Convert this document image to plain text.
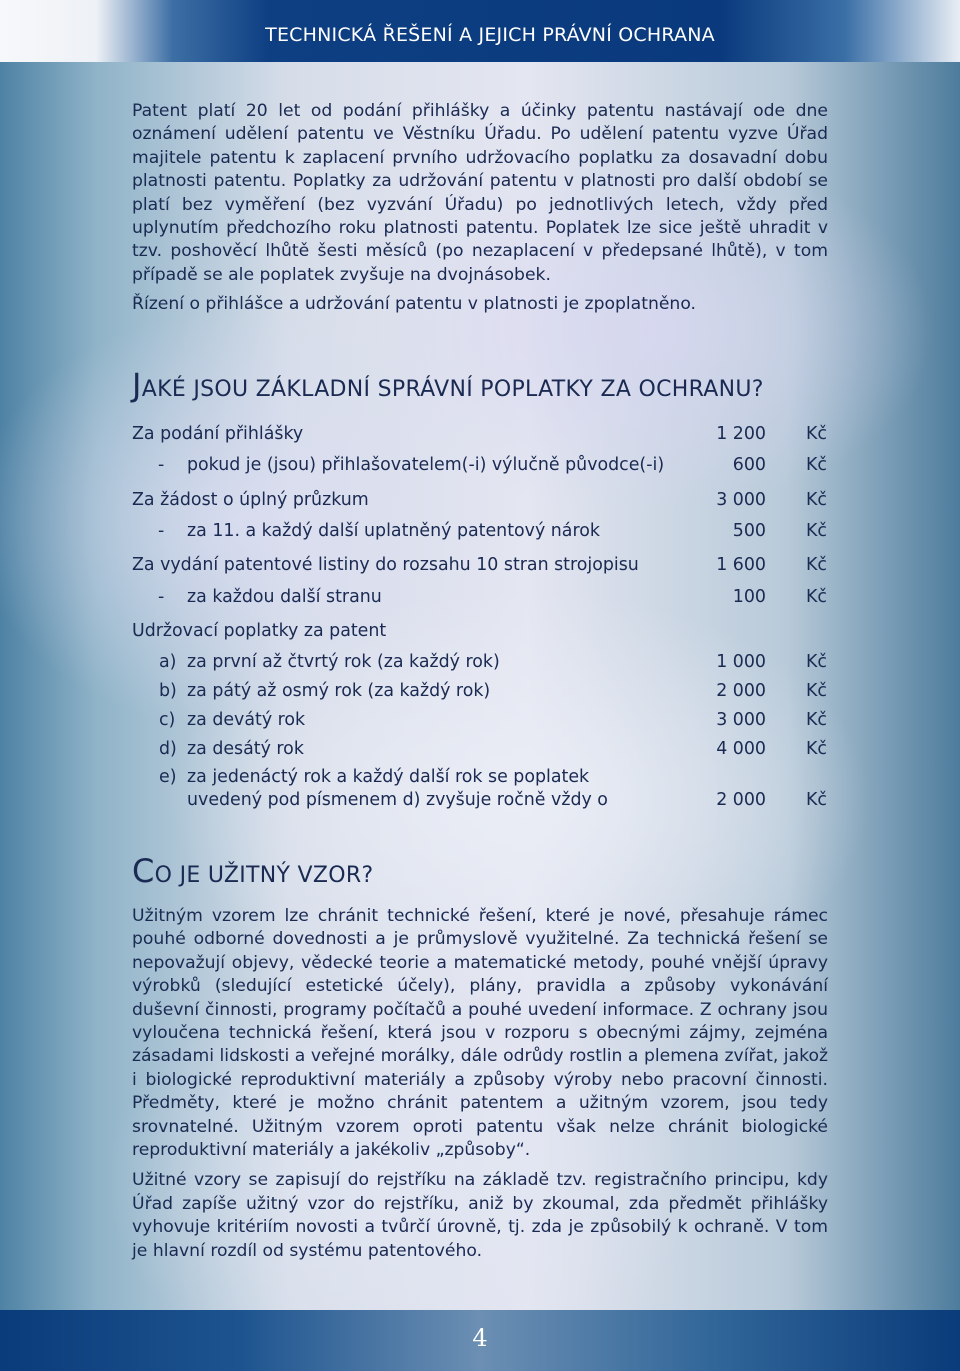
TECHNICKÁ ŘEŠENÍ A JEJICH PRÁVNÍ OCHRANA

Patent platí 20 let od podání přihlášky a účinky patentu nastávají ode dne oznámení udělení patentu ve Věstníku Úřadu. Po udělení patentu vyzve Úřad majitele patentu k zaplacení prvního udržovacího poplatku za dosavadní dobu platnosti patentu. Poplatky za udržování patentu v platnosti pro další období se platí bez vyměření (bez vyzvání Úřadu) po jednotlivých letech, vždy před uplynutím předchozího roku platnosti patentu. Poplatek lze sice ještě uhradit v tzv. poshověcí lhůtě šesti měsíců (po nezaplacení v předepsané lhůtě), v tom případě se ale poplatek zvyšuje na dvojnásobek.

Řízení o přihlášce a udržování patentu v platnosti je zpoplatněno.

JAKÉ JSOU ZÁKLADNÍ SPRÁVNÍ POPLATKY ZA OCHRANU?
Za podání přihlášky	1 200 Kč
- pokud je (jsou) přihlašovatelem(-i) výlučně původce(-i)	600 Kč
Za žádost o úplný průzkum	3 000 Kč
- za 11. a každý další uplatněný patentový nárok	500 Kč
Za vydání patentové listiny do rozsahu 10 stran strojopisu	1 600 Kč
- za každou další stranu	100 Kč
Udržovací poplatky za patent
a) za první až čtvrtý rok (za každý rok)	1 000 Kč
b) za pátý až osmý rok (za každý rok)	2 000 Kč
c) za devátý rok	3 000 Kč
d) za desátý rok	4 000 Kč
e) za jedenáctý rok a každý další rok se poplatek
uvedený pod písmenem d) zvyšuje ročně vždy o	2 000 Kč
CO JE UŽITNÝ VZOR?

Užitným vzorem lze chránit technické řešení, které je nové, přesahuje rámec pouhé odborné dovednosti a je průmyslově využitelné. Za technická řešení se nepovažují objevy, vědecké teorie a matematické metody, pouhé vnější úpravy výrobků (sledující estetické účely), plány, pravidla a způsoby vykonávání duševní činnosti, programy počítačů a pouhé uvedení informace. Z ochrany jsou vyloučena technická řešení, která jsou v rozporu s obecnými zájmy, zejména zásadami lidskosti a veřejné morálky, dále odrůdy rostlin a plemena zvířat, jakož i biologické reproduktivní materiály a způsoby výroby nebo pracovní činnosti. Předměty, které je možno chránit patentem a užitným vzorem, jsou tedy srovnatelné. Užitným vzorem oproti patentu však nelze chránit biologické reproduktivní materiály a jakékoliv „způsoby“.

Užitné vzory se zapisují do rejstříku na základě tzv. registračního principu, kdy Úřad zapíše užitný vzor do rejstříku, aniž by zkoumal, zda předmět přihlášky vyhovuje kritériím novosti a tvůrčí úrovně, tj. zda je způsobilý k ochraně. V tom je hlavní rozdíl od systému patentového.

4
